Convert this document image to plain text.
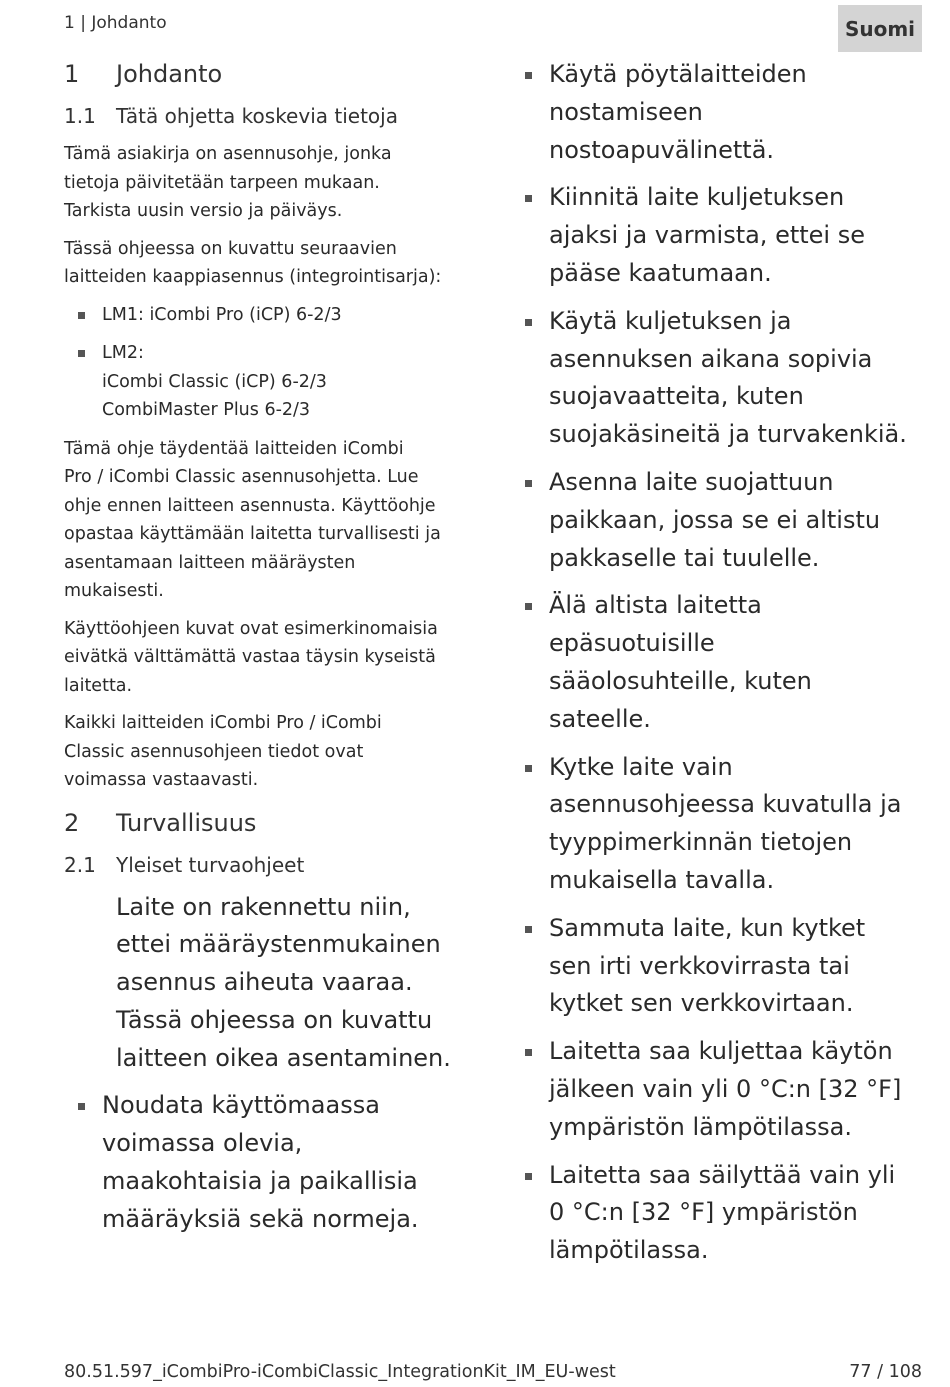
1 | Johdanto	Suomi
1	Johdanto
1.1	Tätä ohjetta koskevia tietoja

Tämä asiakirja on asennusohje, jonka
tietoja päivitetään tarpeen mukaan.
Tarkista uusin versio ja päiväys.

Tässä ohjeessa on kuvattu seuraavien
laitteiden kaappiasennus (integrointisarja):

LM1: iCombi Pro (iCP) 6-2/3
LM2:
iCombi Classic (iCP) 6-2/3
CombiMaster Plus 6-2/3

Tämä ohje täydentää laitteiden iCombi
Pro / iCombi Classic asennusohjetta. Lue
ohje ennen laitteen asennusta. Käyttöohje
opastaa käyttämään laitetta turvallisesti ja
asentamaan laitteen määräysten
mukaisesti.

Käyttöohjeen kuvat ovat esimerkinomaisia
eivätkä välttämättä vastaa täysin kyseistä
laitetta.

Kaikki laitteiden iCombi Pro / iCombi
Classic asennusohjeen tiedot ovat
voimassa vastaavasti.

2	Turvallisuus
2.1	Yleiset turvaohjeet

Laite on rakennettu niin,
ettei määräystenmukainen
asennus aiheuta vaaraa.
Tässä ohjeessa on kuvattu
laitteen oikea asentaminen.

Noudata käyttömaassa
voimassa olevia,
maakohtaisia ja paikallisia
määräyksiä sekä normeja.
Käytä pöytälaitteiden
nostamiseen
nostoapuvälinettä.
Kiinnitä laite kuljetuksen
ajaksi ja varmista, ettei se
pääse kaatumaan.
Käytä kuljetuksen ja
asennuksen aikana sopivia
suojavaatteita, kuten
suojakäsineitä ja turvakenkiä.
Asenna laite suojattuun
paikkaan, jossa se ei altistu
pakkaselle tai tuulelle.
Älä altista laitetta
epäsuotuisille
sääolosuhteille, kuten
sateelle.
Kytke laite vain
asennusohjeessa kuvatulla ja
tyyppimerkinnän tietojen
mukaisella tavalla.
Sammuta laite, kun kytket
sen irti verkkovirrasta tai
kytket sen verkkovirtaan.
Laitetta saa kuljettaa käytön
jälkeen vain yli 0 °C:n [32 °F]
ympäristön lämpötilassa.
Laitetta saa säilyttää vain yli
0 °C:n [32 °F] ympäristön
lämpötilassa.
80.51.597_iCombiPro-iCombiClassic_IntegrationKit_IM_EU-west	77 / 108
